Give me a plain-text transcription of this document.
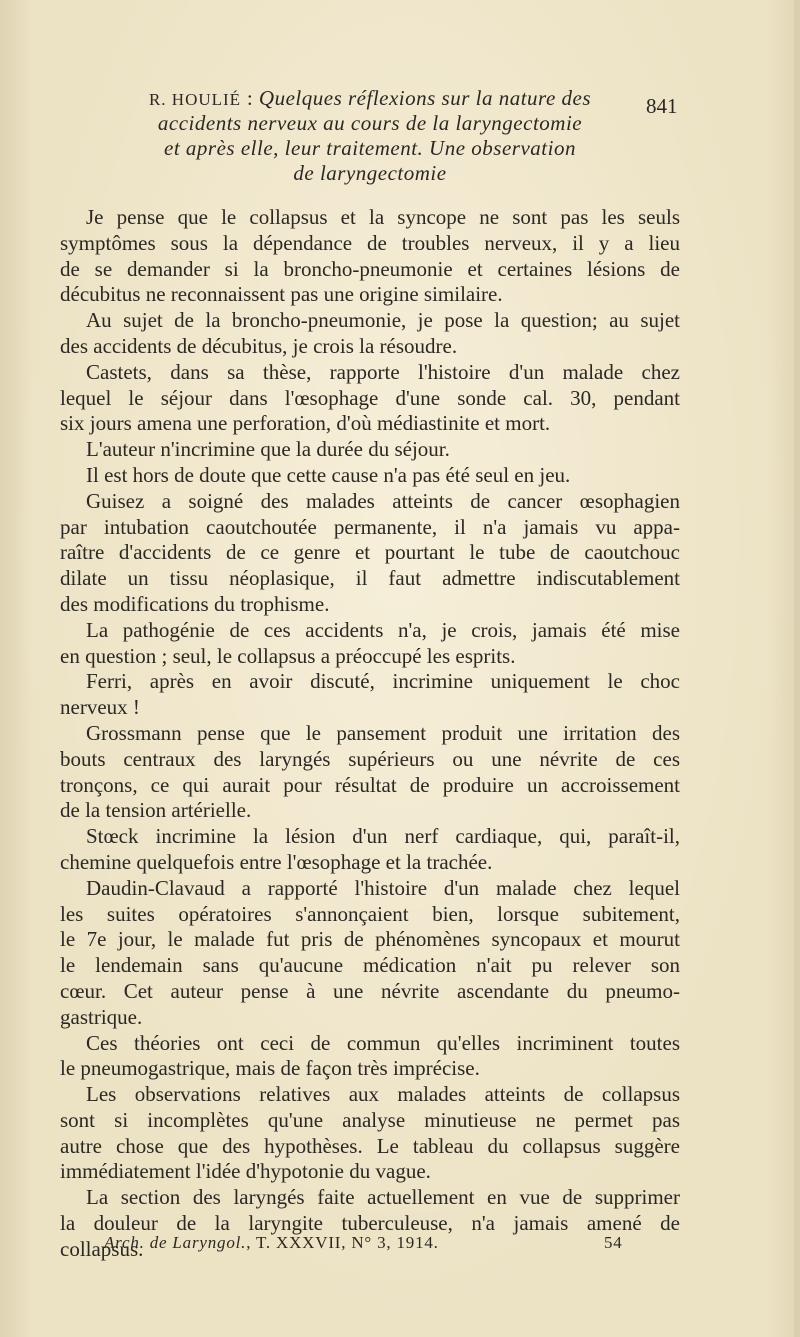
R. HOULIÉ : Quelques réflexions sur la nature des
accidents nerveux au cours de la laryngectomie
et après elle, leur traitement. Une observation
de laryngectomie
841
Je pense que le collapsus et la syncope ne sont pas les seuls
symptômes sous la dépendance de troubles nerveux, il y a lieu
de se demander si la broncho-pneumonie et certaines lésions de
décubitus ne reconnaissent pas une origine similaire.
Au sujet de la broncho-pneumonie, je pose la question; au sujet
des accidents de décubitus, je crois la résoudre.
Castets, dans sa thèse, rapporte l'histoire d'un malade chez
lequel le séjour dans l'œsophage d'une sonde cal. 30, pendant
six jours amena une perforation, d'où médiastinite et mort.
L'auteur n'incrimine que la durée du séjour.
Il est hors de doute que cette cause n'a pas été seul en jeu.
Guisez a soigné des malades atteints de cancer œsophagien
par intubation caoutchoutée permanente, il n'a jamais vu appa-
raître d'accidents de ce genre et pourtant le tube de caoutchouc
dilate un tissu néoplasique, il faut admettre indiscutablement
des modifications du trophisme.
La pathogénie de ces accidents n'a, je crois, jamais été mise
en question ; seul, le collapsus a préoccupé les esprits.
Ferri, après en avoir discuté, incrimine uniquement le choc
nerveux !
Grossmann pense que le pansement produit une irritation des
bouts centraux des laryngés supérieurs ou une névrite de ces
tronçons, ce qui aurait pour résultat de produire un accroissement
de la tension artérielle.
Stœck incrimine la lésion d'un nerf cardiaque, qui, paraît-il,
chemine quelquefois entre l'œsophage et la trachée.
Daudin-Clavaud a rapporté l'histoire d'un malade chez lequel
les suites opératoires s'annonçaient bien, lorsque subitement,
le 7e jour, le malade fut pris de phénomènes syncopaux et mourut
le lendemain sans qu'aucune médication n'ait pu relever son
cœur. Cet auteur pense à une névrite ascendante du pneumo-
gastrique.
Ces théories ont ceci de commun qu'elles incriminent toutes
le pneumogastrique, mais de façon très imprécise.
Les observations relatives aux malades atteints de collapsus
sont si incomplètes qu'une analyse minutieuse ne permet pas
autre chose que des hypothèses. Le tableau du collapsus suggère
immédiatement l'idée d'hypotonie du vague.
La section des laryngés faite actuellement en vue de supprimer
la douleur de la laryngite tuberculeuse, n'a jamais amené de
collapsus.
Arch. de Laryngol., T. XXXVII, N° 3, 1914.	54
